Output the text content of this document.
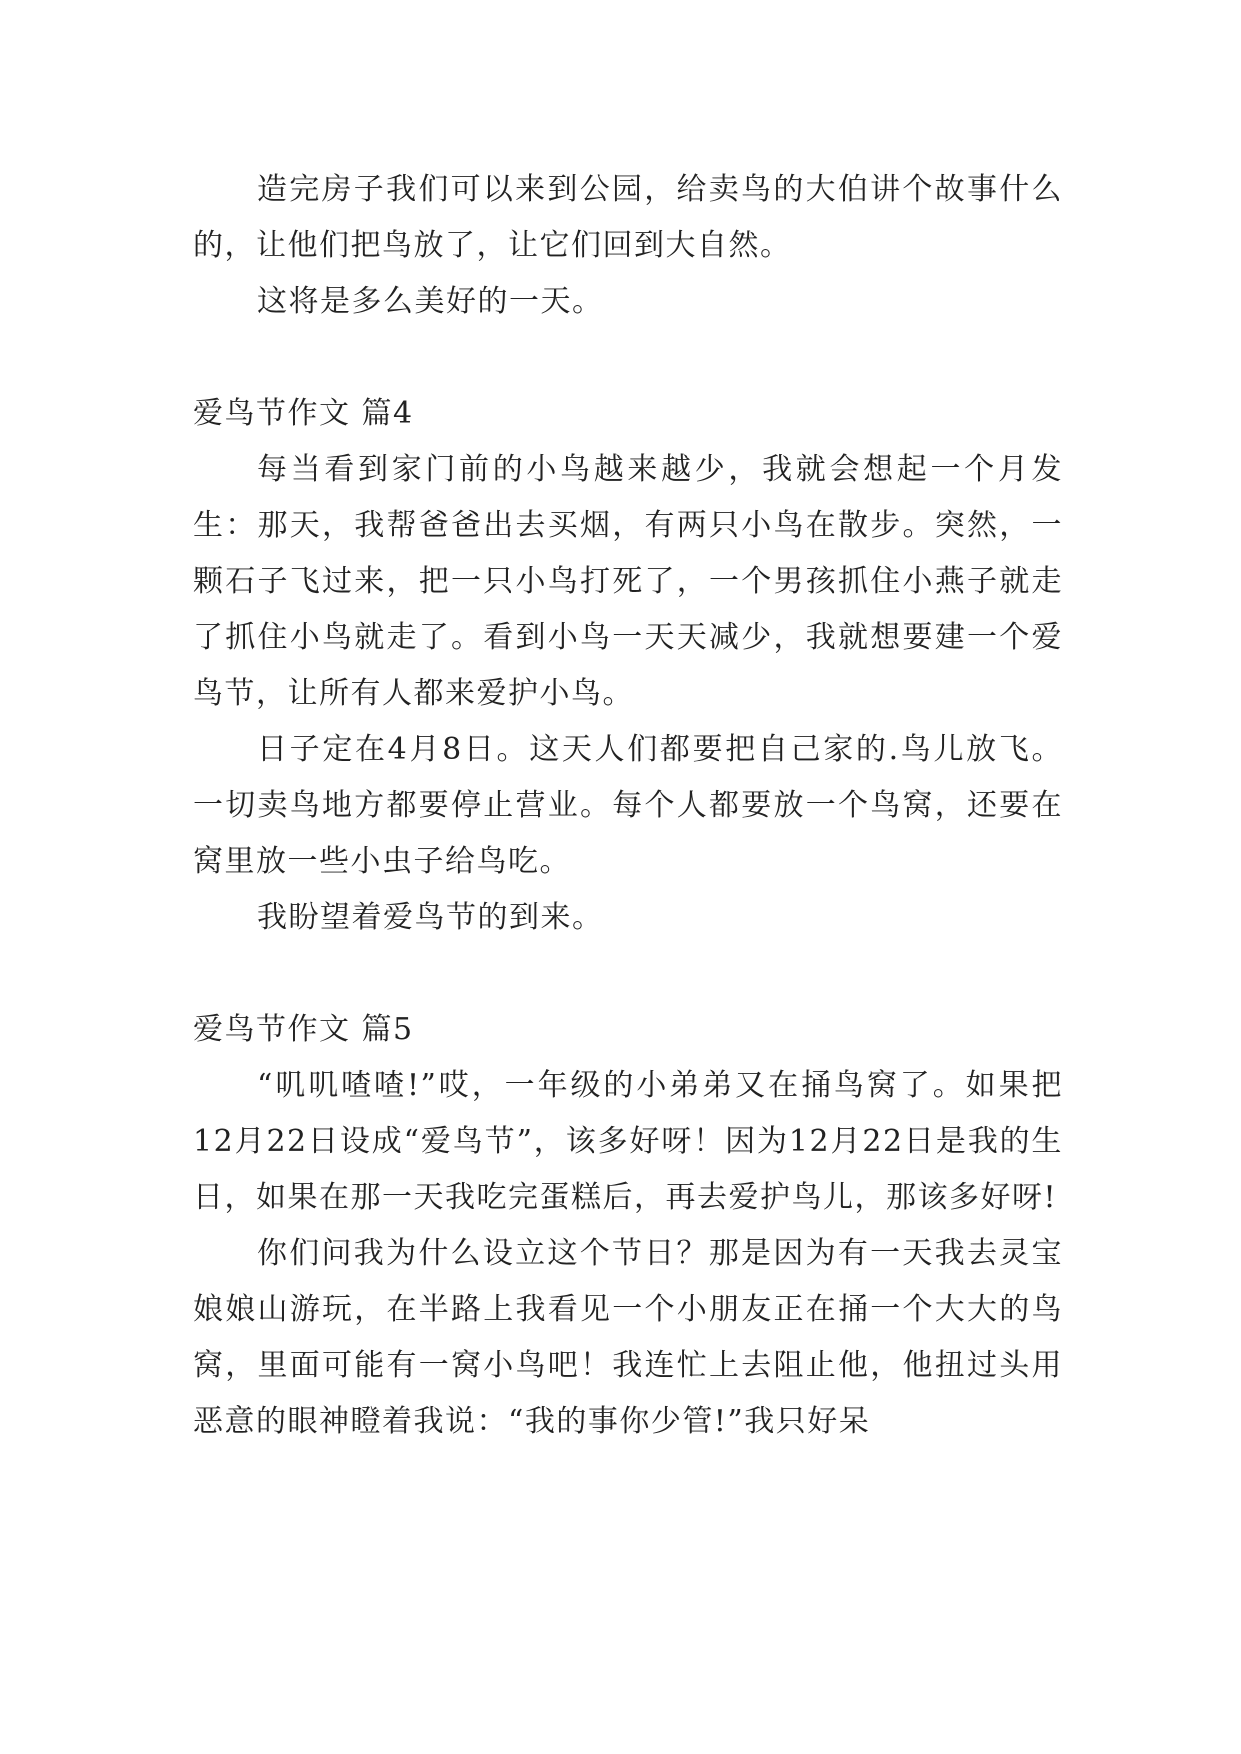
造完房子我们可以来到公园，给卖鸟的大伯讲个故事什么的，让他们把鸟放了，让它们回到大自然。

这将是多么美好的一天。

爱鸟节作文 篇4

每当看到家门前的小鸟越来越少，我就会想起一个月发生：那天，我帮爸爸出去买烟，有两只小鸟在散步。突然，一颗石子飞过来，把一只小鸟打死了，一个男孩抓住小燕子就走了抓住小鸟就走了。看到小鸟一天天减少，我就想要建一个爱鸟节，让所有人都来爱护小鸟。

日子定在4月8日。这天人们都要把自己家的.鸟儿放飞。一切卖鸟地方都要停止营业。每个人都要放一个鸟窝，还要在窝里放一些小虫子给鸟吃。

我盼望着爱鸟节的到来。

爱鸟节作文 篇5

“叽叽喳喳!”哎，一年级的小弟弟又在捅鸟窝了。如果把12月22日设成“爱鸟节”，该多好呀！因为12月22日是我的生日，如果在那一天我吃完蛋糕后，再去爱护鸟儿，那该多好呀!

你们问我为什么设立这个节日？那是因为有一天我去灵宝娘娘山游玩，在半路上我看见一个小朋友正在捅一个大大的鸟窝，里面可能有一窝小鸟吧！我连忙上去阻止他，他扭过头用恶意的眼神瞪着我说：“我的事你少管!”我只好呆
